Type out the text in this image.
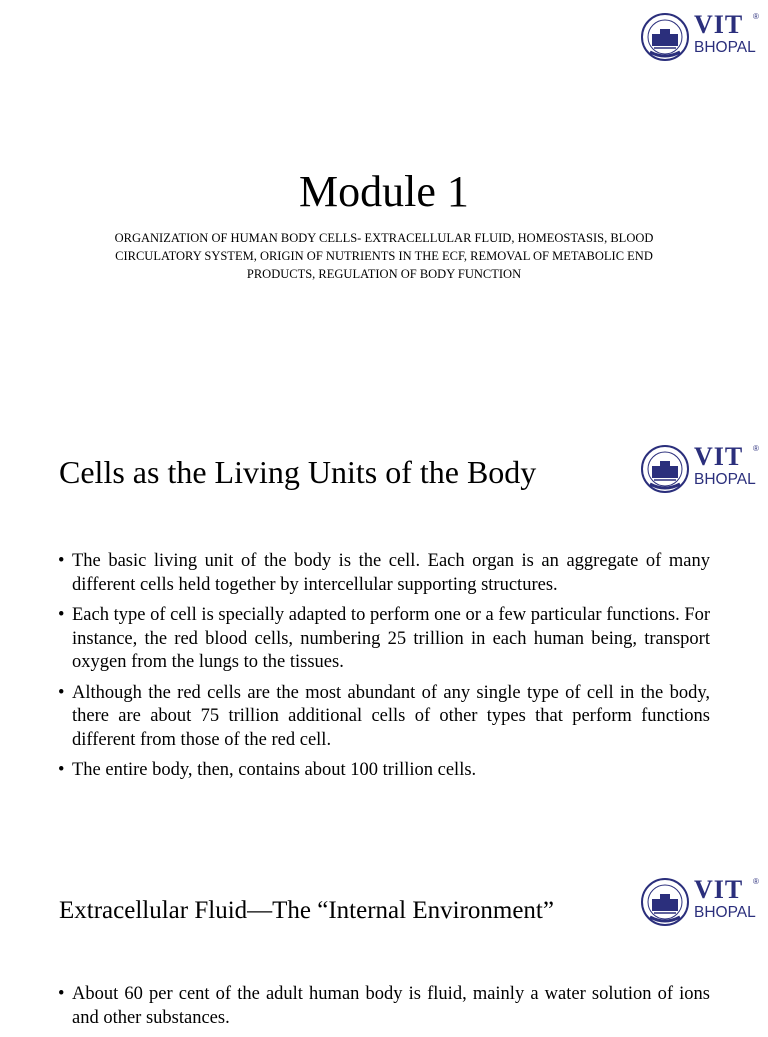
VIT ®
BHOPAL
Module 1
ORGANIZATION OF HUMAN BODY CELLS- EXTRACELLULAR FLUID, HOMEOSTASIS, BLOOD CIRCULATORY SYSTEM, ORIGIN OF NUTRIENTS IN THE ECF, REMOVAL OF METABOLIC END PRODUCTS, REGULATION OF BODY FUNCTION
VIT ®
BHOPAL
Cells as the Living Units of the Body
• The basic living unit of the body is the cell. Each organ is an aggregate of many different cells held together by intercellular supporting structures.
• Each type of cell is specially adapted to perform one or a few particular functions. For instance, the red blood cells, numbering 25 trillion in each human being, transport oxygen from the lungs to the tissues.
• Although the red cells are the most abundant of any single type of cell in the body, there are about 75 trillion additional cells of other types that perform functions different from those of the red cell.
• The entire body, then, contains about 100 trillion cells.
VIT ®
BHOPAL
Extracellular Fluid—The “Internal Environment”
• About 60 per cent of the adult human body is fluid, mainly a water solution of ions and other substances.
